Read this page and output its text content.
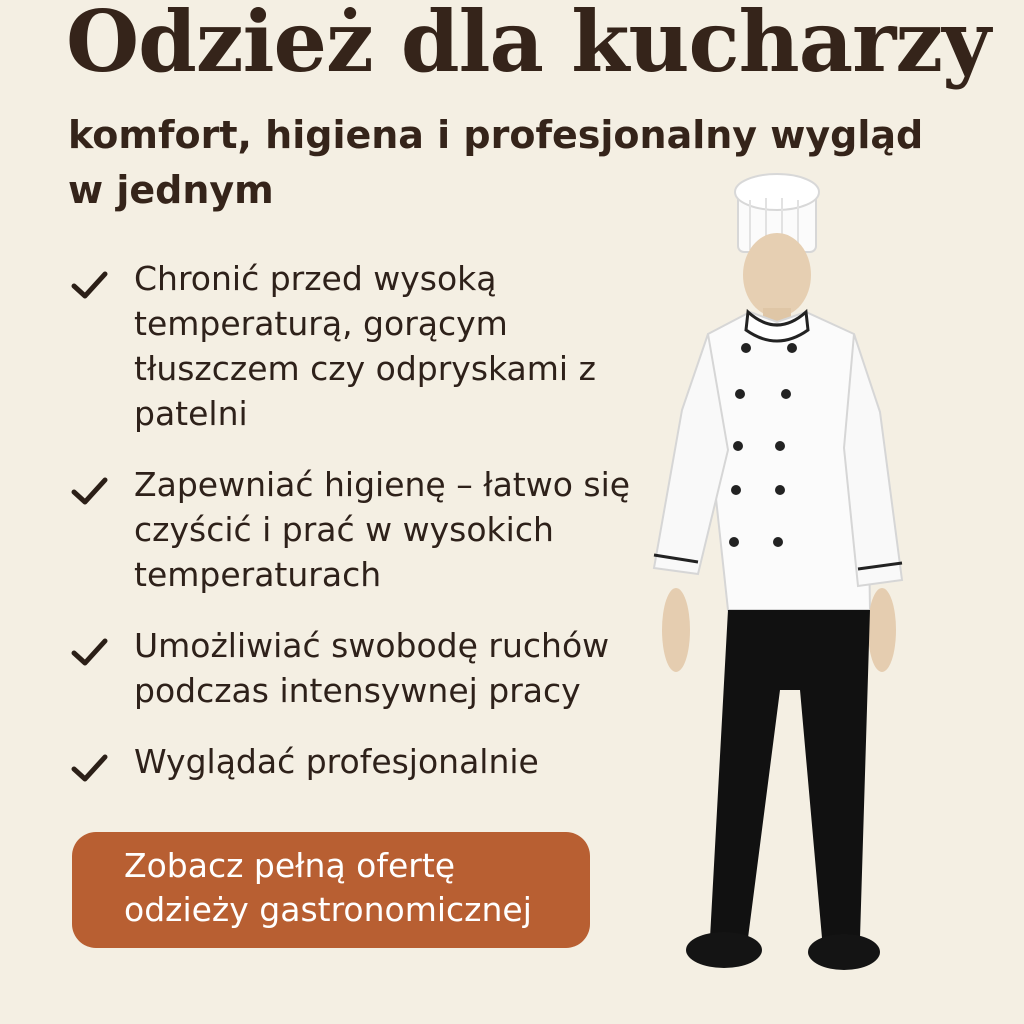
Odzież dla kucharzy
komfort, higiena i profesjonalny wygląd w jednym
Chronić przed wysoką temperaturą, gorącym tłuszczem czy odpryskami z patelni
Zapewniać higienę – łatwo się czyścić i prać w wysokich temperaturach
Umożliwiać swobodę ruchów podczas intensywnej pracy
Wyglądać profesjonalnie
Zobacz pełną ofertę odzieży gastronomicznej
